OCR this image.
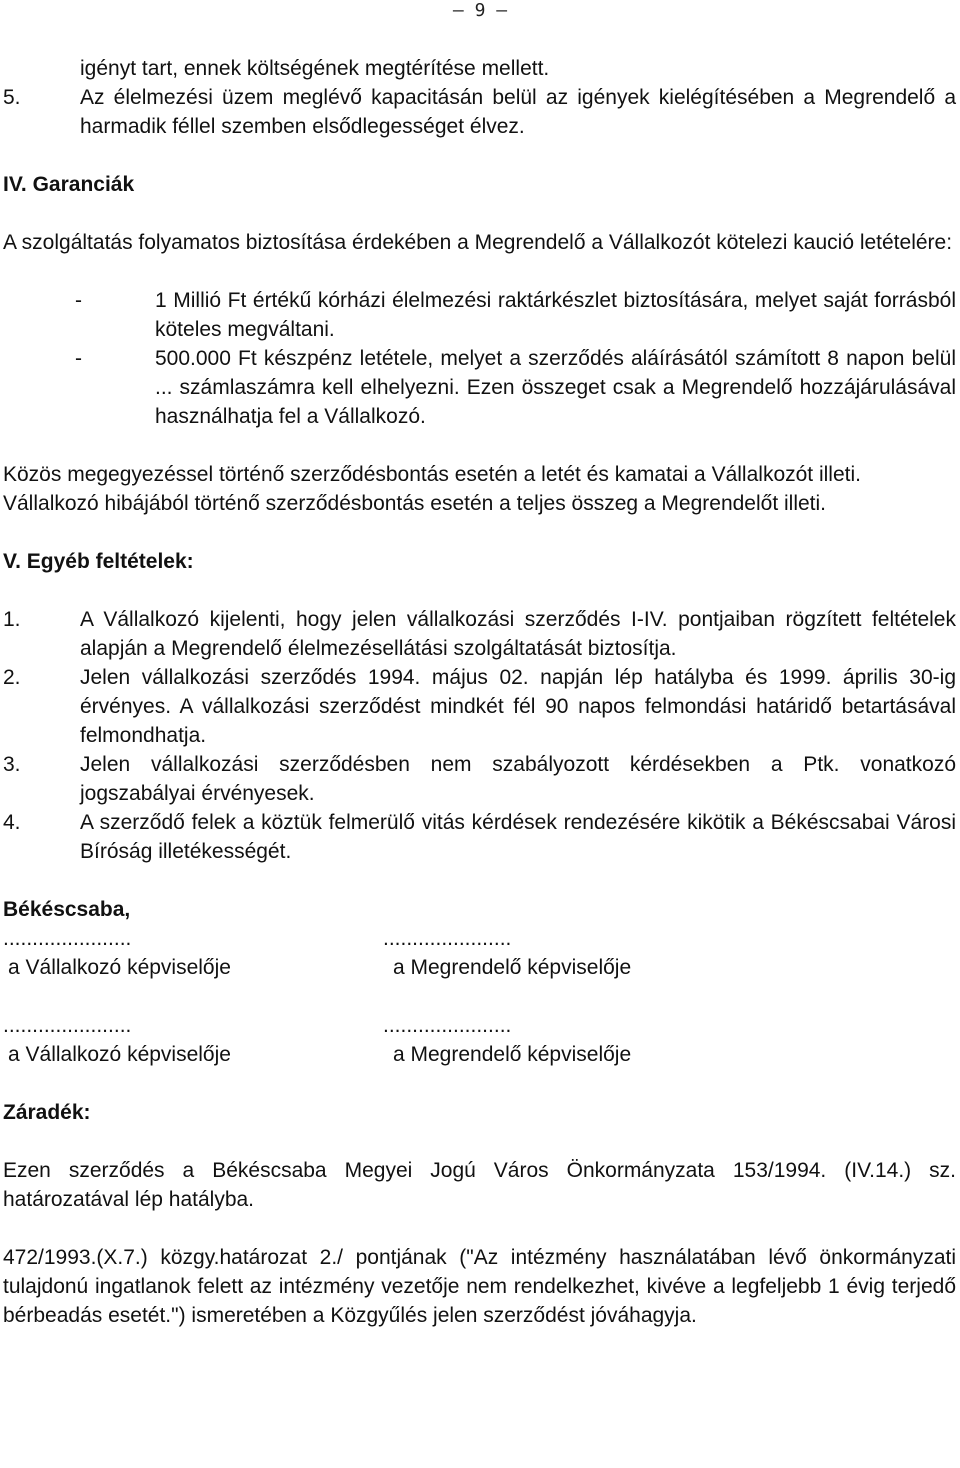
– 9 –
igényt tart, ennek költségének megtérítése mellett.
5.	Az élelmezési üzem meglévő kapacitásán belül az igények kielégítésében a Megrendelő a harmadik féllel szemben elsődlegességet élvez.
IV. Garanciák
A szolgáltatás folyamatos biztosítása érdekében a Megrendelő a Vállalkozót kötelezi kaució letételére:
-	1 Millió Ft értékű kórházi élelmezési raktárkészlet biztosítására, melyet saját forrásból köteles megváltani.
-	500.000 Ft készpénz letétele, melyet a szerződés aláírásától számított 8 napon belül ... számlaszámra kell elhelyezni. Ezen összeget csak a Megrendelő hozzájárulásával használhatja fel a Vállalkozó.
Közös megegyezéssel történő szerződésbontás esetén a letét és kamatai a Vállalkozót illeti.
Vállalkozó hibájából történő szerződésbontás esetén a teljes összeg a Megrendelőt illeti.
V. Egyéb feltételek:
1.	A Vállalkozó kijelenti, hogy jelen vállalkozási szerződés I-IV. pontjaiban rögzített feltételek alapján a Megrendelő élelmezésellátási szolgáltatását biztosítja.
2.	Jelen vállalkozási szerződés 1994. május 02. napján lép hatályba és 1999. április 30-ig érvényes. A vállalkozási szerződést mindkét fél 90 napos felmondási határidő betartásával felmondhatja.
3.	Jelen vállalkozási szerződésben nem szabályozott kérdésekben a Ptk. vonatkozó jogszabályai érvényesek.
4.	A szerződő felek a köztük felmerülő vitás kérdések rendezésére kikötik a Békéscsabai Városi Bíróság illetékességét.
Békéscsaba,
......................	......................
a Vállalkozó képviselője	a Megrendelő képviselője
......................	......................
a Vállalkozó képviselője	a Megrendelő képviselője
Záradék:
Ezen szerződés a Békéscsaba Megyei Jogú Város Önkormányzata 153/1994. (IV.14.) sz. határozatával lép hatályba.
472/1993.(X.7.) közgy.határozat 2./ pontjának ("Az intézmény használatában lévő önkormányzati tulajdonú ingatlanok felett az intézmény vezetője nem rendelkezhet, kivéve a legfeljebb 1 évig terjedő bérbeadás esetét.") ismeretében a Közgyűlés jelen szerződést jóváhagyja.
